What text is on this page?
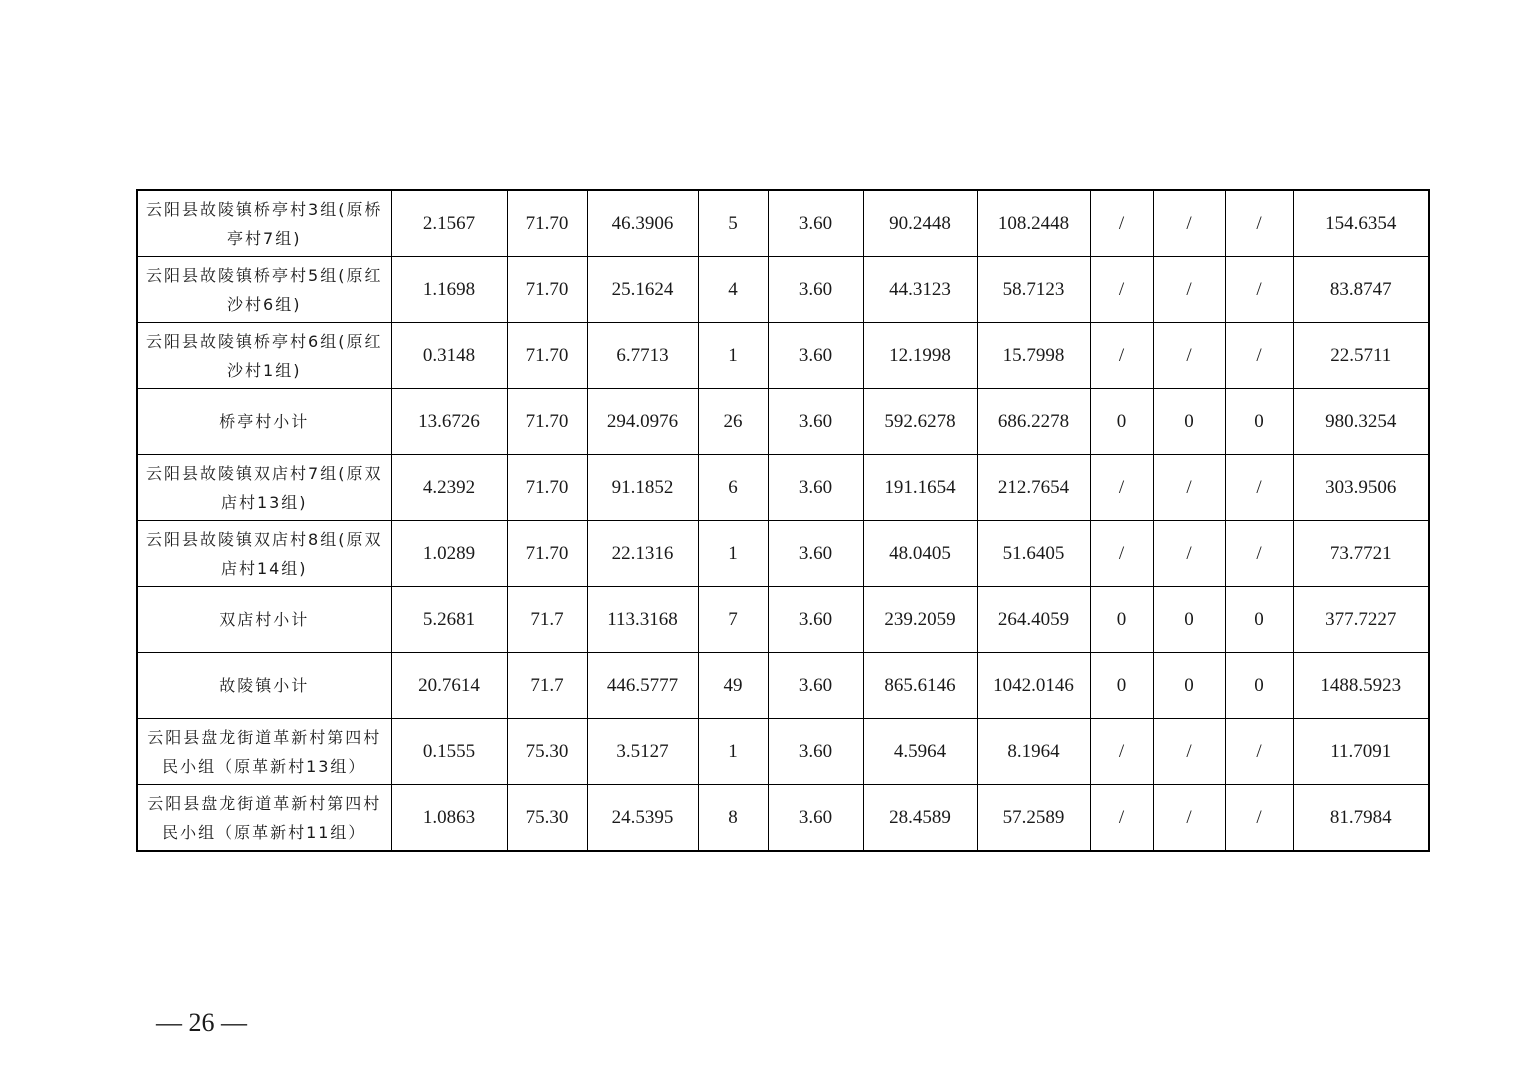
云阳县故陵镇桥亭村3组(原桥亭村7组)	2.1567	71.70	46.3906	5	3.60	90.2448	108.2448	/	/	/	154.6354
云阳县故陵镇桥亭村5组(原红沙村6组)	1.1698	71.70	25.1624	4	3.60	44.3123	58.7123	/	/	/	83.8747
云阳县故陵镇桥亭村6组(原红沙村1组)	0.3148	71.70	6.7713	1	3.60	12.1998	15.7998	/	/	/	22.5711
桥亭村小计	13.6726	71.70	294.0976	26	3.60	592.6278	686.2278	0	0	0	980.3254
云阳县故陵镇双店村7组(原双店村13组)	4.2392	71.70	91.1852	6	3.60	191.1654	212.7654	/	/	/	303.9506
云阳县故陵镇双店村8组(原双店村14组)	1.0289	71.70	22.1316	1	3.60	48.0405	51.6405	/	/	/	73.7721
双店村小计	5.2681	71.7	113.3168	7	3.60	239.2059	264.4059	0	0	0	377.7227
故陵镇小计	20.7614	71.7	446.5777	49	3.60	865.6146	1042.0146	0	0	0	1488.5923
云阳县盘龙街道革新村第四村民小组（原革新村13组）	0.1555	75.30	3.5127	1	3.60	4.5964	8.1964	/	/	/	11.7091
云阳县盘龙街道革新村第四村民小组（原革新村11组）	1.0863	75.30	24.5395	8	3.60	28.4589	57.2589	/	/	/	81.7984
— 26 —
